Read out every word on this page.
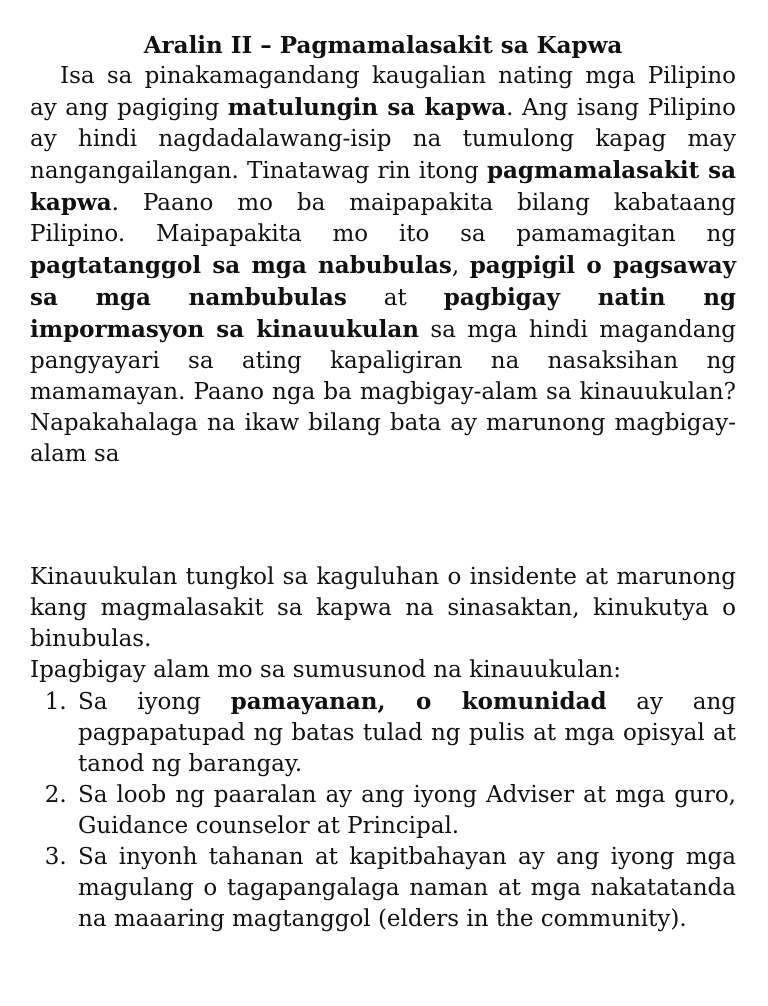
Aralin II – Pagmamalasakit sa Kapwa

Isa sa pinakamagandang kaugalian nating mga Pilipino ay ang pagiging matulungin sa kapwa. Ang isang Pilipino ay hindi nagdadalawang-isip na tumulong kapag may nangangailangan. Tinatawag rin itong pagmamalasakit sa kapwa. Paano mo ba maipapakita bilang kabataang Pilipino. Maipapakita mo ito sa pamamagitan ng pagtatanggol sa mga nabubulas, pagpigil o pagsaway sa mga nambubulas at pagbigay natin ng impormasyon sa kinauukulan sa mga hindi magandang pangyayari sa ating kapaligiran na nasaksihan ng mamamayan. Paano nga ba magbigay-alam sa kinauukulan? Napakahalaga na ikaw bilang bata ay marunong magbigay-alam sa

Kinauukulan tungkol sa kaguluhan o insidente at marunong kang magmalasakit sa kapwa na sinasaktan, kinukutya o binubulas.

Ipagbigay alam mo sa sumusunod na kinauukulan:

1. Sa iyong pamayanan, o komunidad ay ang pagpapatupad ng batas tulad ng pulis at mga opisyal at tanod ng barangay.
2. Sa loob ng paaralan ay ang iyong Adviser at mga guro, Guidance counselor at Principal.
3. Sa inyonh tahanan at kapitbahayan ay ang iyong mga magulang o tagapangalaga naman at mga nakatatanda na maaaring magtanggol (elders in the community).
